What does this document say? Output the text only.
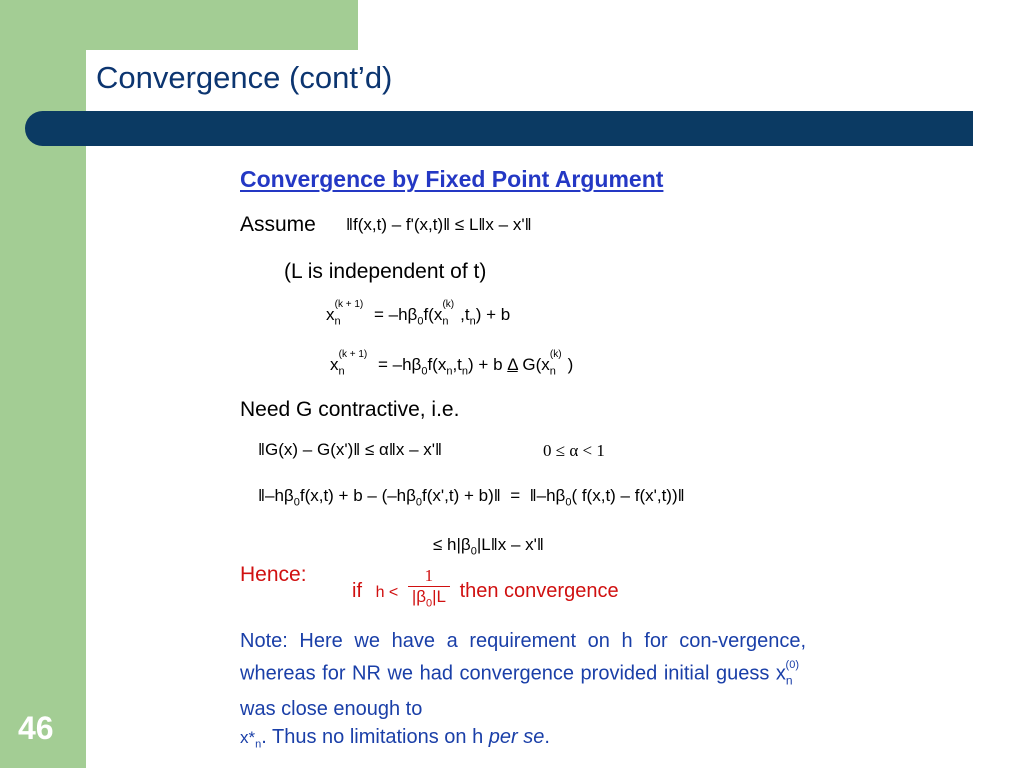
Convergence (cont’d)
46
Convergence by Fixed Point Argument
Assume ‖f(x,t) – f'(x,t)‖ ≤ L‖x – x'‖
(L is independent of t)
$x_n^{(k + 1)} = -h\beta_0f(x_n^{(k)},t_n) + b$
$x_n^{(k + 1)} = -h\beta_0f(x_n,t_n) + b$ Δ $G(x_n^{(k)})$
Need G contractive, i.e.
‖G(x) – G(x')‖ ≤ α‖x – x'‖	0 ≤ α < 1
$‖-h\beta_0f(x,t) + b - (-h\beta_0f(x',t)$ + b)‖  =  $‖-h\beta_0$( f(x,t) – f(x',t))‖
≤ $h|\beta_0|L‖x$ – x'‖
Hence:
if $h < \frac{1}{|\beta_0|L}$ then convergence
Note: Here we have a requirement on h for con-vergence, whereas for NR we had convergence provided initial guess $x_n^{(0)}$ was close enough to
$x*_n$. Thus no limitations on h per se.
